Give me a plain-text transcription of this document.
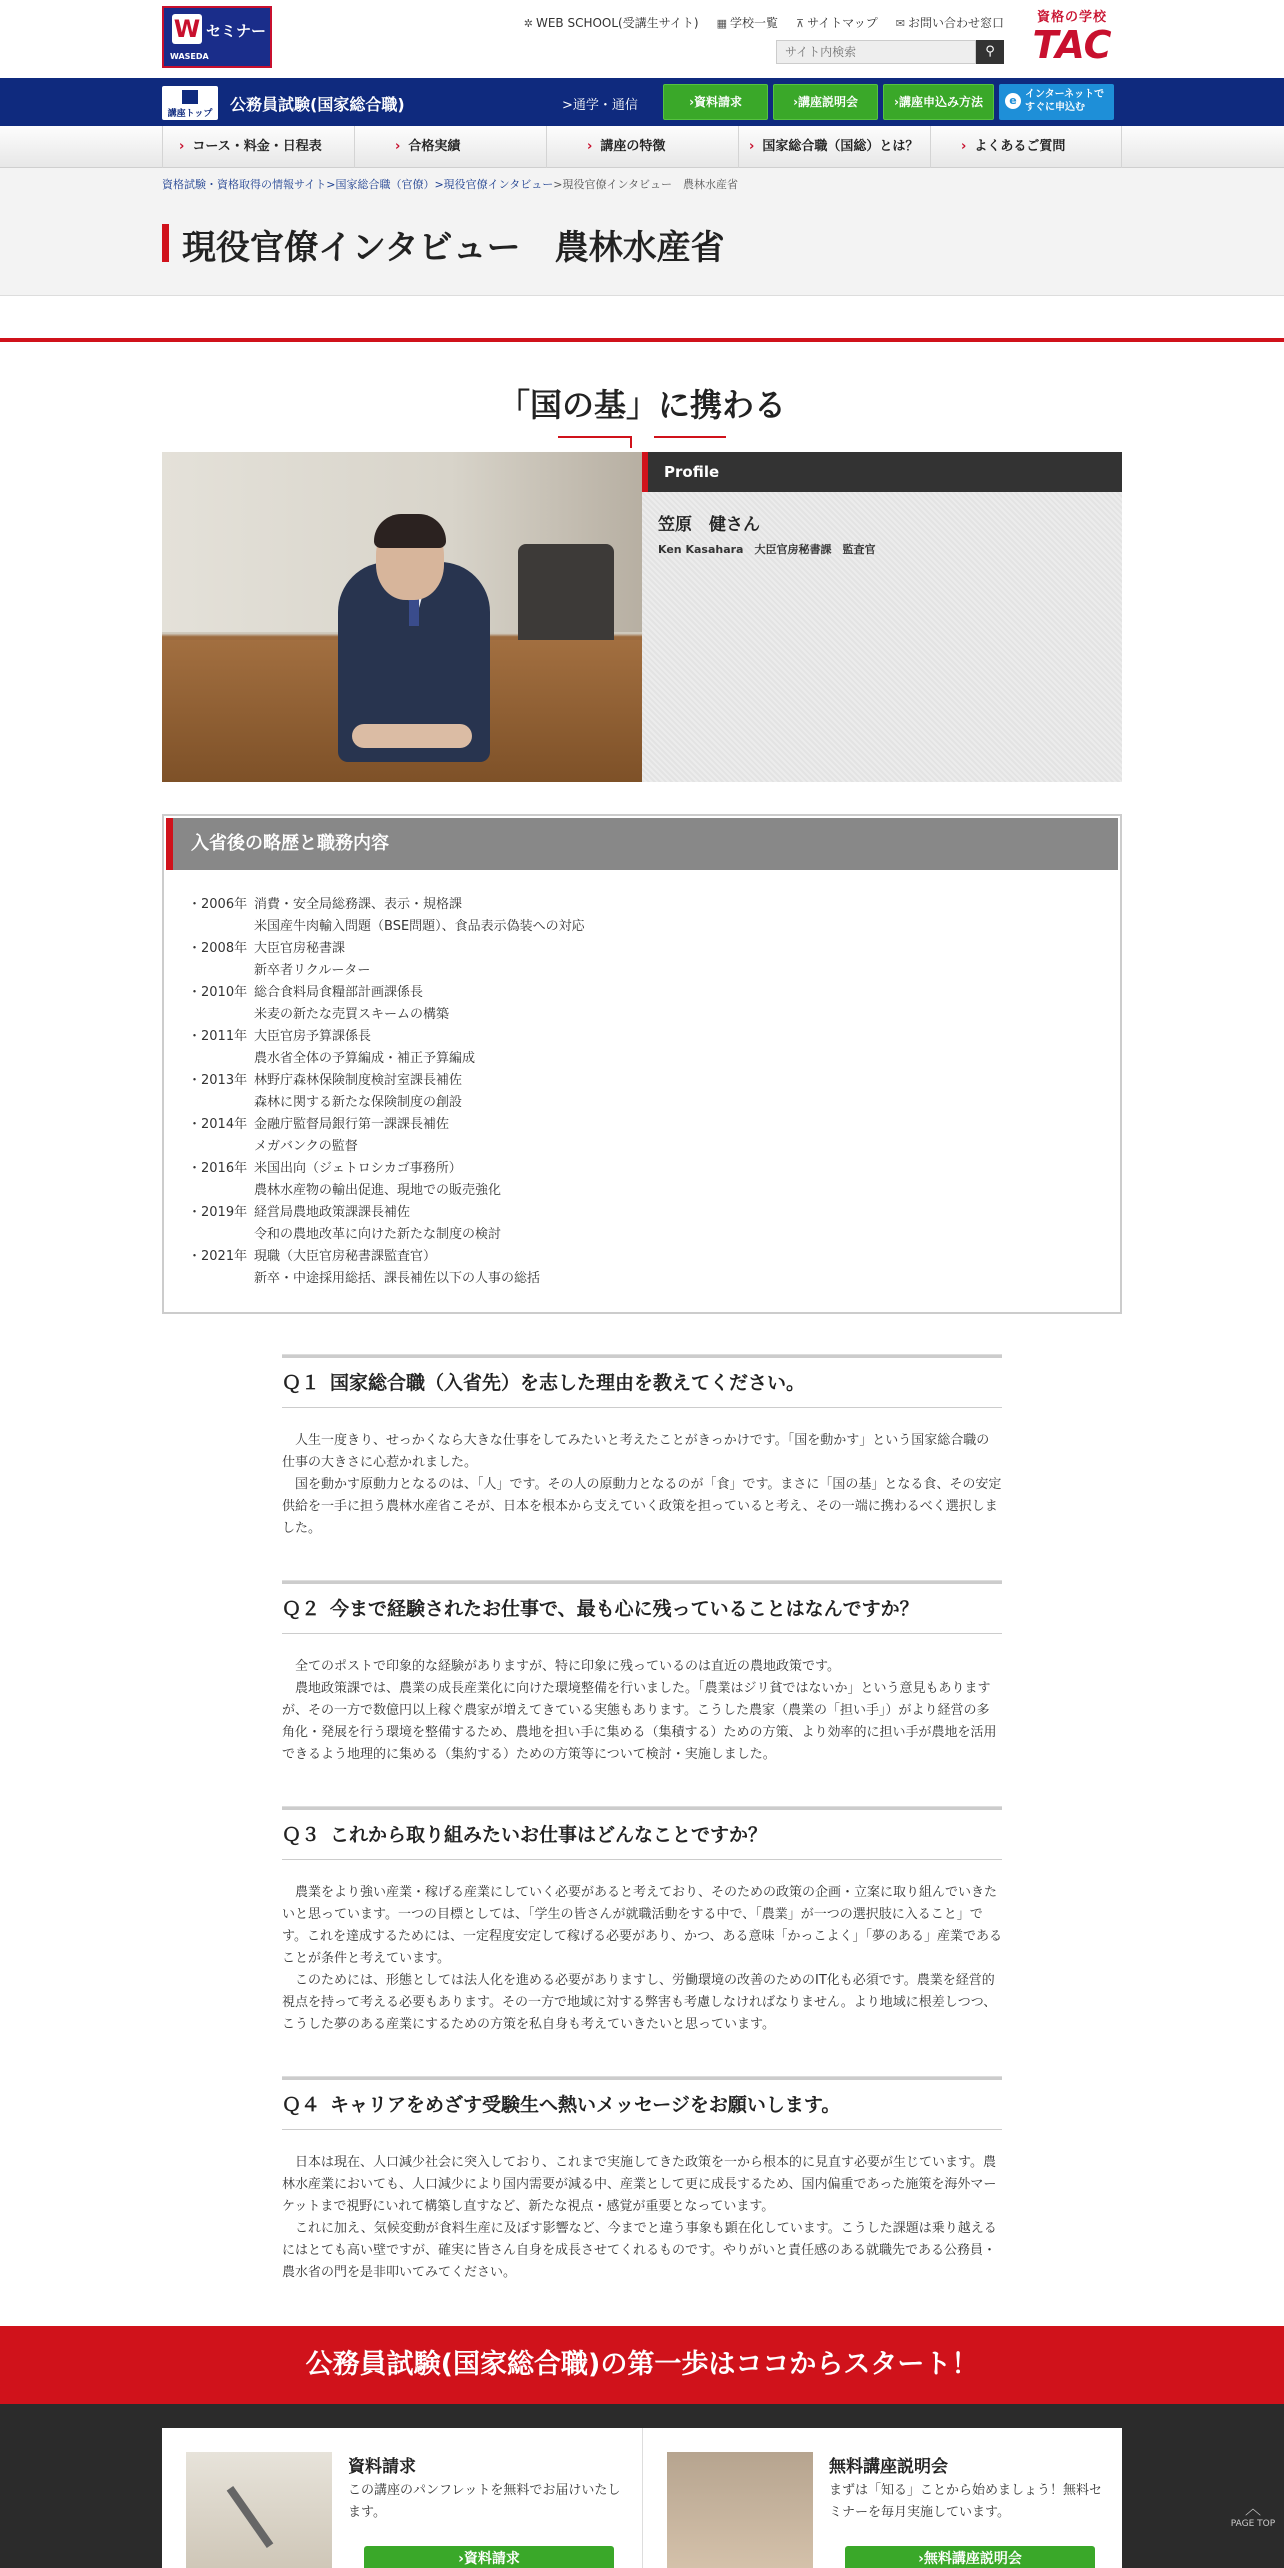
W セミナー
WASEDA
✲ WEB SCHOOL(受講生サイト) ▦ 学校一覧 ⊼ サイトマップ ✉ お問い合わせ窓口
サイト内検索
⚲
資格の学校
TAC
講座トップ	公務員試験(国家総合職)	>通学・通信	›資料請求	›講座説明会	›講座申込み方法	e インターネットで すぐに申込む
› コース・料金・日程表	› 合格実績	› 講座の特徴	› 国家総合職（国総）とは？	› よくあるご質問
資格試験・資格取得の情報サイト>国家総合職（官僚）>現役官僚インタビュー>現役官僚インタビュー　農林水産省
現役官僚インタビュー　農林水産省
「国の基」に携わる
Profile
笠原　健さん
Ken Kasahara　大臣官房秘書課　監査官
入省後の略歴と職務内容
・2006年 消費・安全局総務課、表示・規格課
米国産牛肉輸入問題（BSE問題）、食品表示偽装への対応
・2008年 大臣官房秘書課
新卒者リクルーター
・2010年 総合食料局食糧部計画課係長
米麦の新たな売買スキームの構築
・2011年 大臣官房予算課係長
農水省全体の予算編成・補正予算編成
・2013年 林野庁森林保険制度検討室課長補佐
森林に関する新たな保険制度の創設
・2014年 金融庁監督局銀行第一課課長補佐
メガバンクの監督
・2016年 米国出向（ジェトロシカゴ事務所）
農林水産物の輸出促進、現地での販売強化
・2019年 経営局農地政策課課長補佐
令和の農地改革に向けた新たな制度の検討
・2021年 現職（大臣官房秘書課監査官）
新卒・中途採用総括、課長補佐以下の人事の総括
Ｑ１ 国家総合職（入省先）を志した理由を教えてください。

人生一度きり、せっかくなら大きな仕事をしてみたいと考えたことがきっかけです。「国を動かす」という国家総合職の仕事の大きさに心惹かれました。

国を動かす原動力となるのは、「人」です。その人の原動力となるのが「食」です。まさに「国の基」となる食、その安定供給を一手に担う農林水産省こそが、日本を根本から支えていく政策を担っていると考え、その一端に携わるべく選択しました。

Ｑ２ 今まで経験されたお仕事で、最も心に残っていることはなんですか？

全てのポストで印象的な経験がありますが、特に印象に残っているのは直近の農地政策です。

農地政策課では、農業の成長産業化に向けた環境整備を行いました。「農業はジリ貧ではないか」という意見もありますが、その一方で数億円以上稼ぐ農家が増えてきている実態もあります。こうした農家（農業の「担い手」）がより経営の多角化・発展を行う環境を整備するため、農地を担い手に集める（集積する）ための方策、より効率的に担い手が農地を活用できるよう地理的に集める（集約する）ための方策等について検討・実施しました。

Ｑ３ これから取り組みたいお仕事はどんなことですか？

農業をより強い産業・稼げる産業にしていく必要があると考えており、そのための政策の企画・立案に取り組んでいきたいと思っています。一つの目標としては、「学生の皆さんが就職活動をする中で、「農業」が一つの選択肢に入ること」です。これを達成するためには、一定程度安定して稼げる必要があり、かつ、ある意味「かっこよく」「夢のある」産業であることが条件と考えています。

このためには、形態としては法人化を進める必要がありますし、労働環境の改善のためのIT化も必須です。農業を経営的視点を持って考える必要もあります。その一方で地域に対する弊害も考慮しなければなりません。より地域に根差しつつ、こうした夢のある産業にするための方策を私自身も考えていきたいと思っています。

Ｑ４ キャリアをめざす受験生へ熱いメッセージをお願いします。

日本は現在、人口減少社会に突入しており、これまで実施してきた政策を一から根本的に見直す必要が生じています。農林水産業においても、人口減少により国内需要が減る中、産業として更に成長するため、国内偏重であった施策を海外マーケットまで視野にいれて構築し直すなど、新たな視点・感覚が重要となっています。

これに加え、気候変動が食料生産に及ぼす影響など、今までと違う事象も顕在化しています。こうした課題は乗り越えるにはとても高い壁ですが、確実に皆さん自身を成長させてくれるものです。やりがいと責任感のある就職先である公務員・農水省の門を是非叩いてみてください。

公務員試験(国家総合職)の第一歩はココからスタート！
資料請求
この講座のパンフレットを無料でお届けいたします。
›資料請求
無料講座説明会
まずは「知る」ことから始めましょう！無料セミナーを毎月実施しています。
›無料講座説明会
︿
PAGE TOP
